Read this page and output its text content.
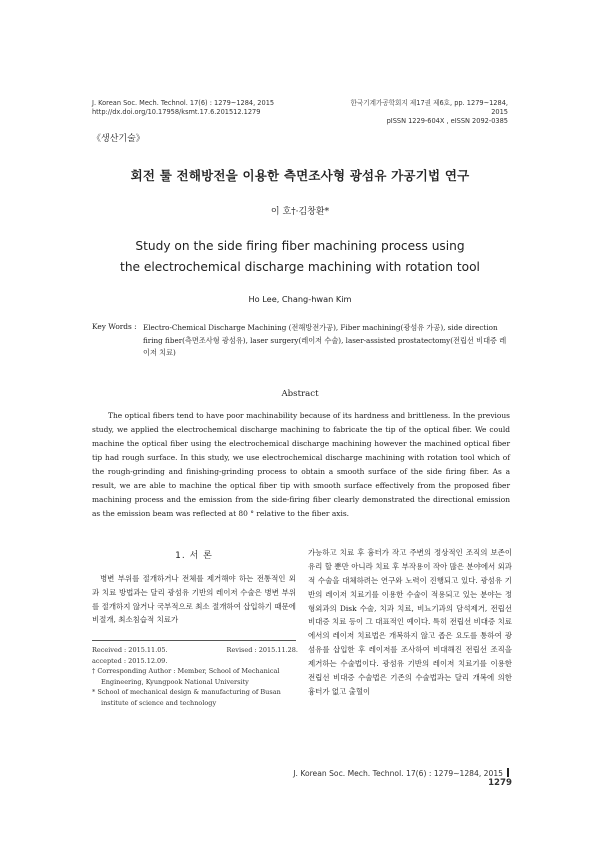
J. Korean Soc. Mech. Technol. 17(6) : 1279~1284, 2015
http://dx.doi.org/10.17958/ksmt.17.6.201512.1279
한국기계가공학회지 제17권 제6호, pp. 1279~1284, 2015
pISSN 1229-604X , eISSN 2092-0385
《생산기술》
회전 툴 전해방전을 이용한 측면조사형 광섬유 가공기법 연구
이 호†·김창환*
Study on the side firing fiber machining process using
the electrochemical discharge machining with rotation tool
Ho Lee, Chang-hwan Kim
Key Words : Electro-Chemical Discharge Machining (전해방전가공), Fiber machining(광섬유 가공), side direction firing fiber(측면조사형 광섬유), laser surgery(레이저 수술), laser-assisted prostatectomy(전립선 비대증 레이저 치료)
Abstract
The optical fibers tend to have poor machinability because of its hardness and brittleness. In the previous study, we applied the electrochemical discharge machining to fabricate the tip of the optical fiber. We could machine the optical fiber using the electrochemical discharge machining however the machined optical fiber tip had rough surface. In this study, we use electrochemical discharge machining with rotation tool which of the rough-grinding and finishing-grinding process to obtain a smooth surface of the side firing fiber. As a result, we are able to machine the optical fiber tip with smooth surface effectively from the proposed fiber machining process and the emission from the side-firing fiber clearly demonstrated the directional emission as the emission beam was reflected at 80 ° relative to the fiber axis.
1. 서 론
병변 부위를 절개하거나 전체를 제거해야 하는 전통적인 외과 치료 방법과는 달리 광섬유 기반의 레이저 수술은 병변 부위를 절개하지 않거나 국부적으로 최소 절개하여 삽입하기 때문에 비절개, 최소침습적 치료가
가능하고 치료 후 흉터가 작고 주변의 정상적인 조직의 보존이 유리 할 뿐만 아니라 치료 후 부작용이 작아 많은 분야에서 외과적 수술을 대체하려는 연구와 노력이 진행되고 있다. 광섬유 기반의 레이저 치료기를 이용한 수술이 적용되고 있는 분야는 정형외과의 Disk 수술, 치과 치료, 비뇨기과의 담석제거, 전립선 비대증 치료 등이 그 대표적인 예이다. 특히 전립선 비대증 치료에서의 레이저 치료법은 개복하지 않고 좁은 요도를 통하여 광섬유를 삽입한 후 레이저를 조사하여 비대해진 전립선 조직을 제거하는 수술법이다. 광섬유 기반의 레이저 치료기를 이용한 전립선 비대증 수술법은 기존의 수술법과는 달리 개복에 의한 흉터가 없고 출혈이
Received : 2015.11.05.	Revised : 2015.11.28.
accepted : 2015.12.09.
† Corresponding Author : Member, School of Mechanical Engineering, Kyungpook National University
* School of mechanical design & manufacturing of Busan institute of science and technology
J. Korean Soc. Mech. Technol. 17(6) : 1279~1284, 20151279
